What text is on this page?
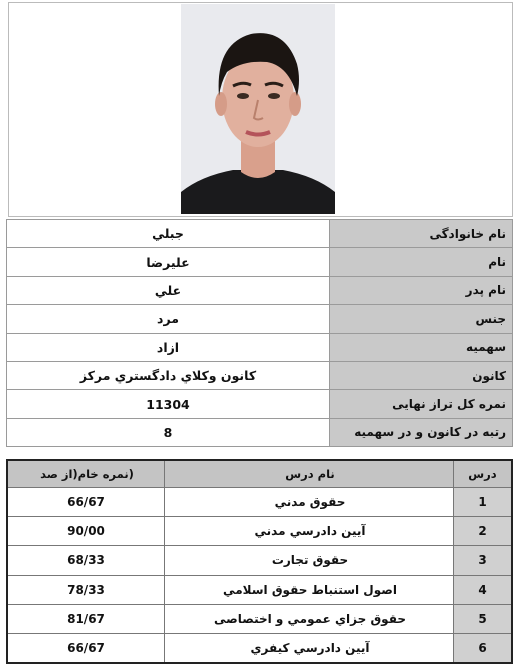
جبلي	نام خانوادگی
عليرضا	نام
علي	نام پدر
مرد	جنس
ازاد	سهمیه
كانون وكلاي دادگستري مركز	کانون
11304	نمره کل تراز نهایی
8	رتبه در کانون و در سهمیه
(نمره خام(از صد	نام درس	درس
66/67	حقوق مدني	1
90/00	آيين دادرسي مدني	2
68/33	حقوق تجارت	3
78/33	اصول استنباط حقوق اسلامي	4
81/67	حقوق جزاي عمومي و اختصاصی	5
66/67	آيين دادرسي كيفري	6
